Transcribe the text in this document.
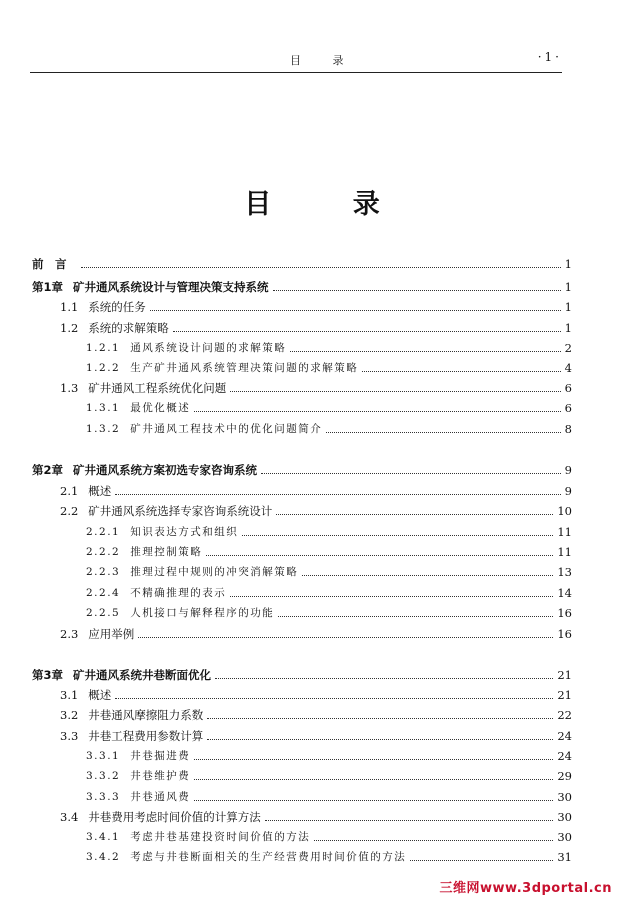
目 录	·1·
目 录
前　言	1
第1章 矿井通风系统设计与管理决策支持系统	1
1.1 系统的任务	1
1.2 系统的求解策略	1
1.2.1 通风系统设计问题的求解策略	2
1.2.2 生产矿井通风系统管理决策问题的求解策略	4
1.3 矿井通风工程系统优化问题	6
1.3.1 最优化概述	6
1.3.2 矿井通风工程技术中的优化问题简介	8
第2章 矿井通风系统方案初选专家咨询系统	9
2.1 概述	9
2.2 矿井通风系统选择专家咨询系统设计	10
2.2.1 知识表达方式和组织	11
2.2.2 推理控制策略	11
2.2.3 推理过程中规则的冲突消解策略	13
2.2.4 不精确推理的表示	14
2.2.5 人机接口与解释程序的功能	16
2.3 应用举例	16
第3章 矿井通风系统井巷断面优化	21
3.1 概述	21
3.2 井巷通风摩擦阻力系数	22
3.3 井巷工程费用参数计算	24
3.3.1 井巷掘进费	24
3.3.2 井巷维护费	29
3.3.3 井巷通风费	30
3.4 井巷费用考虑时间价值的计算方法	30
3.4.1 考虑井巷基建投资时间价值的方法	30
3.4.2 考虑与井巷断面相关的生产经营费用时间价值的方法	31
三维网www.3dportal.cn
